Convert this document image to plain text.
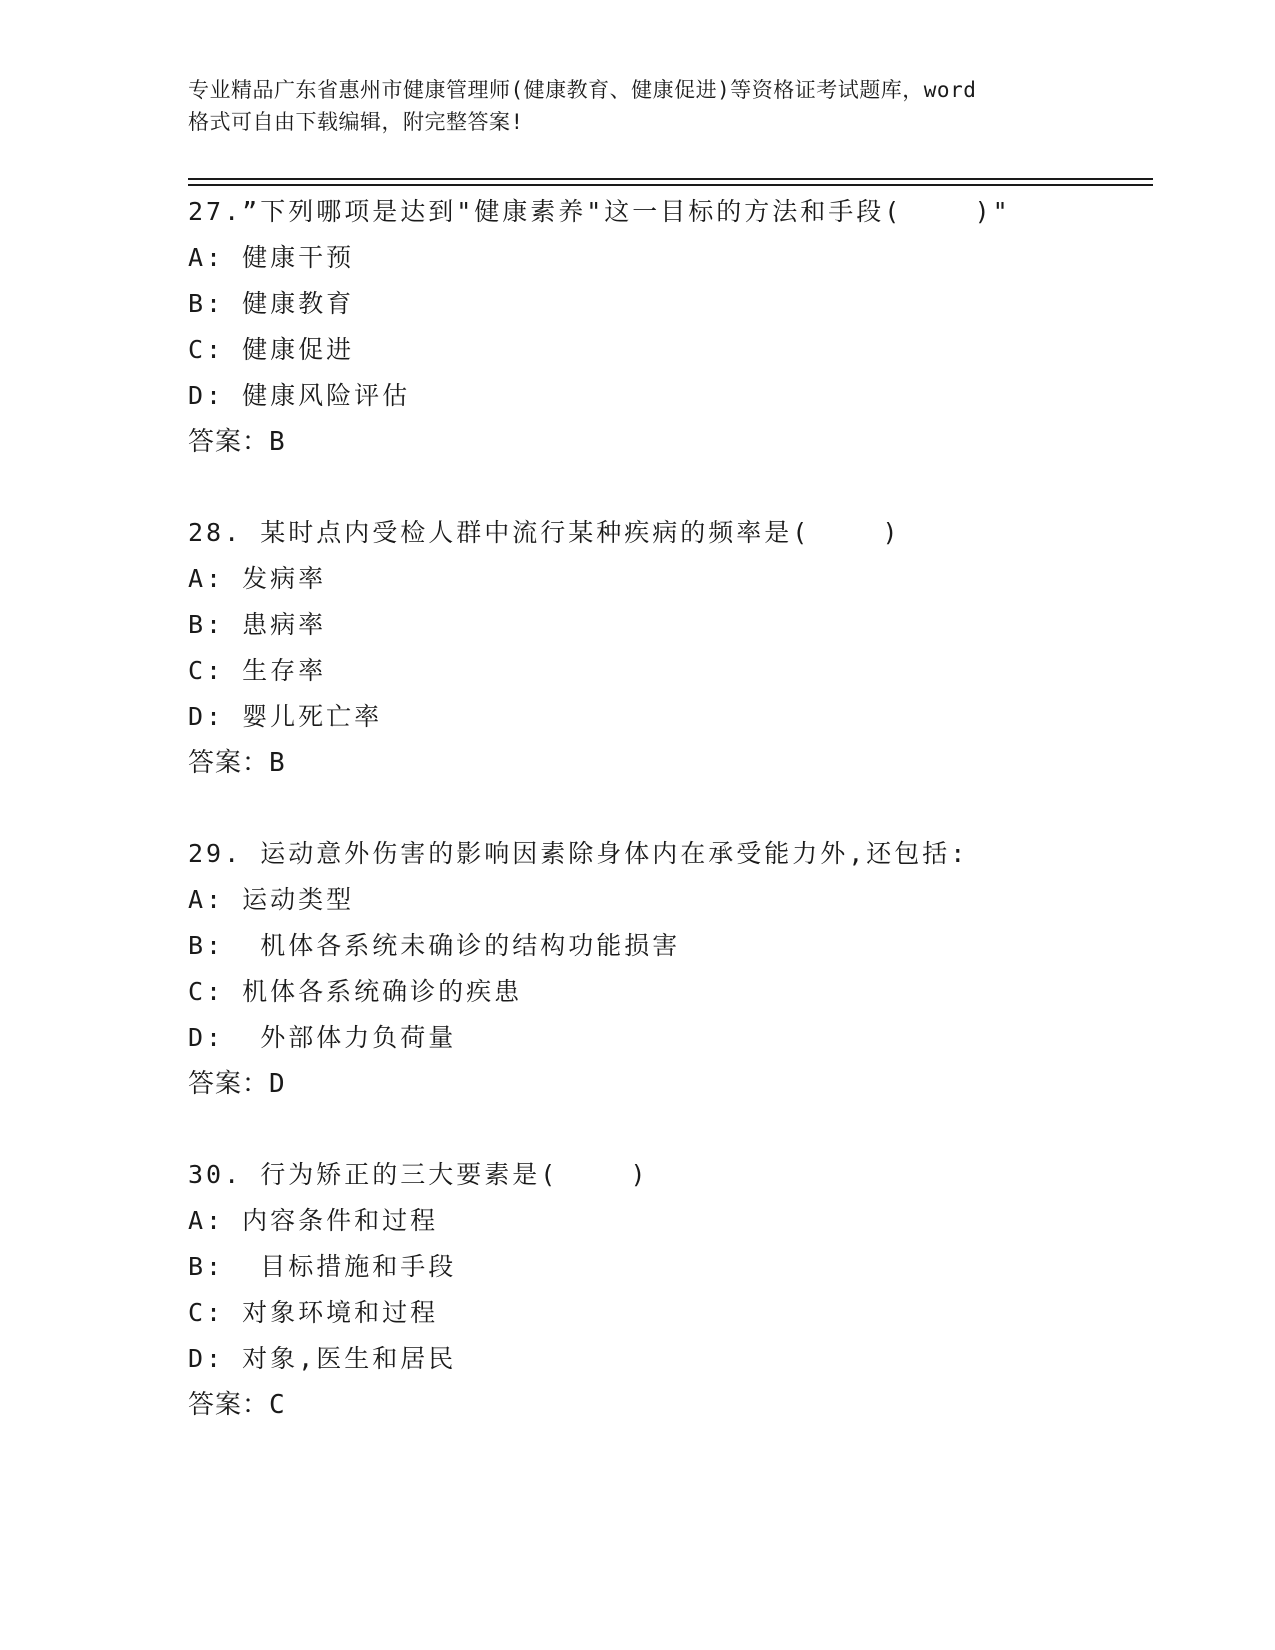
专业精品广东省惠州市健康管理师(健康教育、健康促进)等资格证考试题库，word
格式可自由下载编辑，附完整答案!
27.”下列哪项是达到"健康素养"这一目标的方法和手段(    )"
A: 健康干预
B: 健康教育
C: 健康促进
D: 健康风险评估
答案：B
28. 某时点内受检人群中流行某种疾病的频率是(    )
A: 发病率
B: 患病率
C: 生存率
D: 婴儿死亡率
答案：B
29. 运动意外伤害的影响因素除身体内在承受能力外,还包括:
A: 运动类型
B:  机体各系统未确诊的结构功能损害
C: 机体各系统确诊的疾患
D:  外部体力负荷量
答案：D
30. 行为矫正的三大要素是(    )
A: 内容条件和过程
B:  目标措施和手段
C: 对象环境和过程
D: 对象,医生和居民
答案：C
